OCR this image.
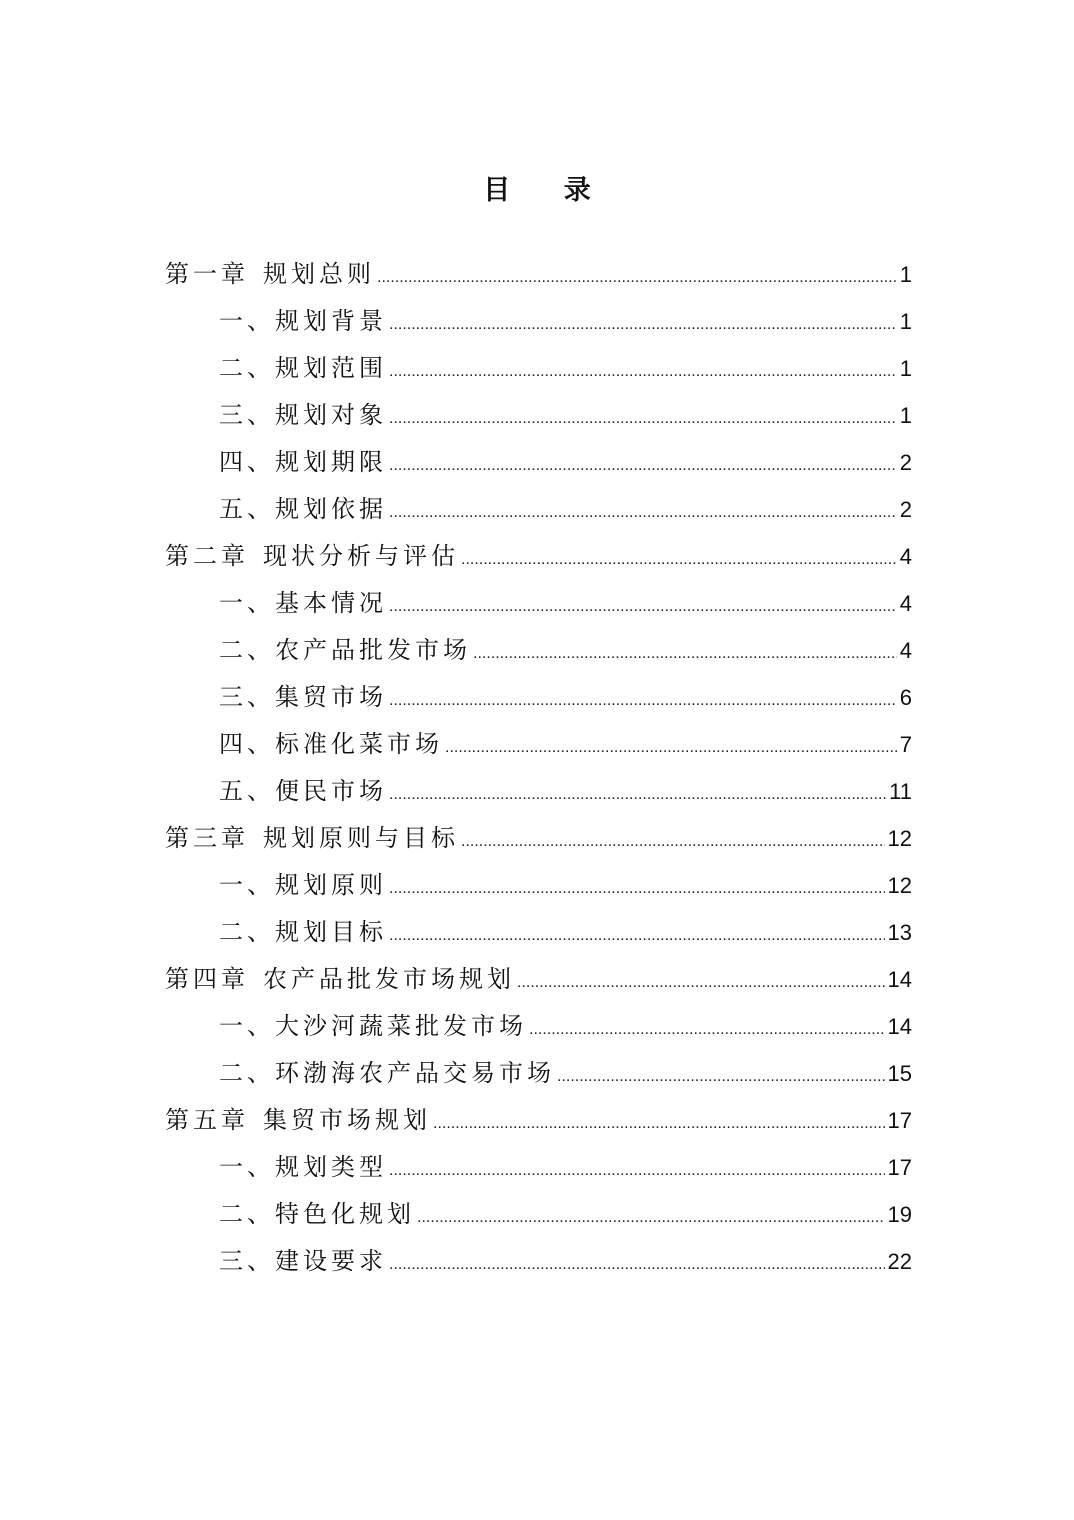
目 录
第一章 规划总则 .....	1
一、规划背景 .....	1
二、规划范围 .....	1
三、规划对象 .....	1
四、规划期限 .....	2
五、规划依据 .....	2
第二章 现状分析与评估 .....	4
一、基本情况 .....	4
二、农产品批发市场 .....	4
三、集贸市场 .....	6
四、标准化菜市场 .....	7
五、便民市场 .....	11
第三章 规划原则与目标 .....	12
一、规划原则 .....	12
二、规划目标 .....	13
第四章 农产品批发市场规划 .....	14
一、大沙河蔬菜批发市场 .....	14
二、环渤海农产品交易市场 .....	15
第五章 集贸市场规划 .....	17
一、规划类型 .....	17
二、特色化规划 .....	19
三、建设要求 .....	22
